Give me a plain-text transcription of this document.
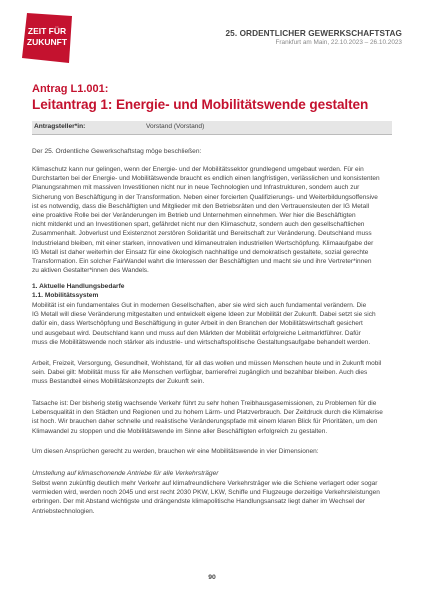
ZEIT FÜR
ZUKUNFT
25. ORDENTLICHER GEWERKSCHAFTSTAG
Frankfurt am Main, 22.10.2023 – 26.10.2023
Antrag L1.001:
Leitantrag 1: Energie- und Mobilitätswende gestalten
Antragsteller*in:	Vorstand (Vorstand)
Der 25. Ordentliche Gewerkschaftstag möge beschließen:
Klimaschutz kann nur gelingen, wenn der Energie- und der Mobilitätssektor grundlegend umgebaut werden. Für ein
Durchstarten bei der Energie- und Mobilitätswende braucht es endlich einen langfristigen, verlässlichen und konsistenten
Planungsrahmen mit massiven Investitionen nicht nur in neue Technologien und Infrastrukturen, sondern auch zur
Sicherung von Beschäftigung in der Transformation. Neben einer forcierten Qualifizierungs- und Weiterbildungsoffensive
ist es notwendig, dass die Beschäftigten und Mitglieder mit den Betriebsräten und den Vertrauensleuten der IG Metall
eine proaktive Rolle bei der Veränderungen im Betrieb und Unternehmen einnehmen. Wer hier die Beschäftigten
nicht mitdenkt und an Investitionen spart, gefährdet nicht nur den Klimaschutz, sondern auch den gesellschaftlichen
Zusammenhalt. Jobverlust und Existenznot zerstören Solidarität und Bereitschaft zur Veränderung. Deutschland muss
Industrieland bleiben, mit einer starken, innovativen und klimaneutralen industriellen Wertschöpfung. Klimaaufgabe der
IG Metall ist daher weiterhin der Einsatz für eine ökologisch nachhaltige und demokratisch gestaltete, sozial gerechte
Transformation. Ein solcher FairWandel wahrt die Interessen der Beschäftigten und macht sie und ihre Vertreter*innen
zu aktiven Gestalter*innen des Wandels.
1. Aktuelle Handlungsbedarfe
1.1. Mobilitätssystem
Mobilität ist ein fundamentales Gut in modernen Gesellschaften, aber sie wird sich auch fundamental verändern. Die
IG Metall will diese Veränderung mitgestalten und entwickelt eigene Ideen zur Mobilität der Zukunft. Dabei setzt sie sich
dafür ein, dass Wertschöpfung und Beschäftigung in guter Arbeit in den Branchen der Mobilitätswirtschaft gesichert
und ausgebaut wird. Deutschland kann und muss auf den Märkten der Mobilität erfolgreiche Leitmarktführer. Dafür
muss die Mobilitätswende noch stärker als industrie- und wirtschaftspolitische Gestaltungsaufgabe behandelt werden.
Arbeit, Freizeit, Versorgung, Gesundheit, Wohlstand, für all das wollen und müssen Menschen heute und in Zukunft mobil
sein. Dabei gilt: Mobilität muss für alle Menschen verfügbar, barrierefrei zugänglich und bezahlbar bleiben. Auch dies
muss Bestandteil eines Mobilitätskonzepts der Zukunft sein.
Tatsache ist: Der bisherig stetig wachsende Verkehr führt zu sehr hohen Treibhausgasemissionen, zu Problemen für die
Lebensqualität in den Städten und Regionen und zu hohem Lärm- und Platzverbrauch. Der Zeitdruck durch die Klimakrise
ist hoch. Wir brauchen daher schnelle und realistische Veränderungspfade mit einem klaren Blick für Prioritäten, um den
Klimawandel zu stoppen und die Mobilitätswende im Sinne aller Beschäftigten erfolgreich zu gestalten.
Um diesen Ansprüchen gerecht zu werden, brauchen wir eine Mobilitätswende in vier Dimensionen:
Umstellung auf klimaschonende Antriebe für alle Verkehrsträger
Selbst wenn zukünftig deutlich mehr Verkehr auf klimafreundlichere Verkehrsträger wie die Schiene verlagert oder sogar
vermieden wird, werden noch 2045 und erst recht 2030 PKW, LKW, Schiffe und Flugzeuge derzeitige Verkehrsleistungen
erbringen. Der mit Abstand wichtigste und drängendste klimapolitische Handlungsansatz liegt daher im Wechsel der
Antriebstechnologien.
90
